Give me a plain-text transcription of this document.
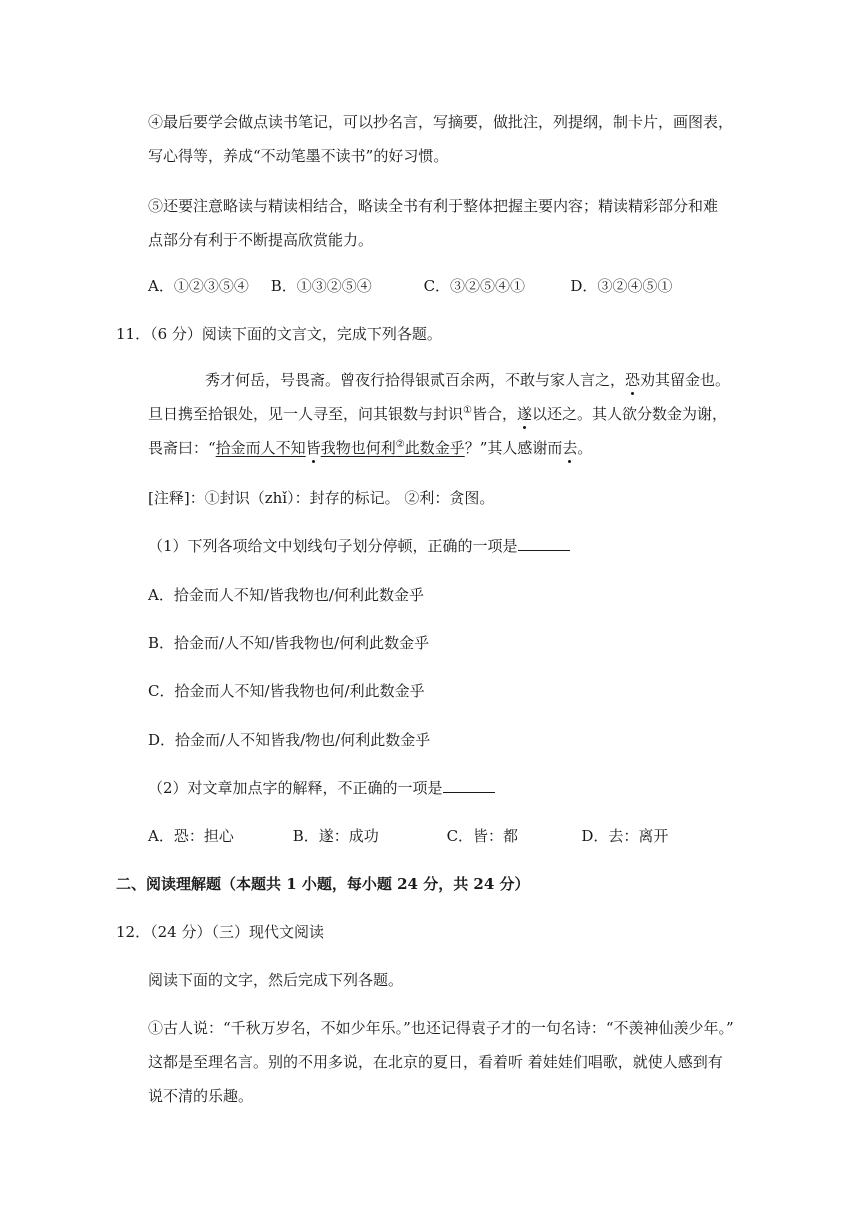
④最后要学会做点读书笔记，可以抄名言，写摘要，做批注，列提纲，制卡片，画图表，
写心得等，养成“不动笔墨不读书”的好习惯。
⑤还要注意略读与精读相结合，略读全书有利于整体把握主要内容；精读精彩部分和难
点部分有利于不断提高欣赏能力。
A．①②③⑤④ B．①③②⑤④	C．③②⑤④①	D．③②④⑤①
11．（6 分）阅读下面的文言文，完成下列各题。
秀才何岳，号畏斋。曾夜行拾得银贰百余两，不敢与家人言之，恐劝其留金也。
旦日携至拾银处，见一人寻至，问其银数与封识①皆合，遂以还之。其人欲分数金为谢，
畏斋曰：“拾金而人不知皆我物也何利②此数金乎？”其人感谢而去。
[注释]：①封识（zhǐ）：封存的标记。 ②利：贪图。
（1）下列各项给文中划线句子划分停顿，正确的一项是
A．拾金而人不知/皆我物也/何利此数金乎
B．拾金而/人不知/皆我物也/何利此数金乎
C．拾金而人不知/皆我物也何/利此数金乎
D．拾金而/人不知皆我/物也/何利此数金乎
（2）对文章加点字的解释，不正确的一项是
A．恐：担心	B．遂：成功	C．皆：都	D．去：离开
二、阅读理解题（本题共 1 小题，每小题 24 分，共 24 分）
12．（24 分）（三）现代文阅读
阅读下面的文字，然后完成下列各题。
①古人说：“千秋万岁名，不如少年乐。”也还记得袁子才的一句名诗：“不羡神仙羡少年。”
这都是至理名言。别的不用多说，在北京的夏日，看着听 着娃娃们唱歌，就使人感到有
说不清的乐趣。
